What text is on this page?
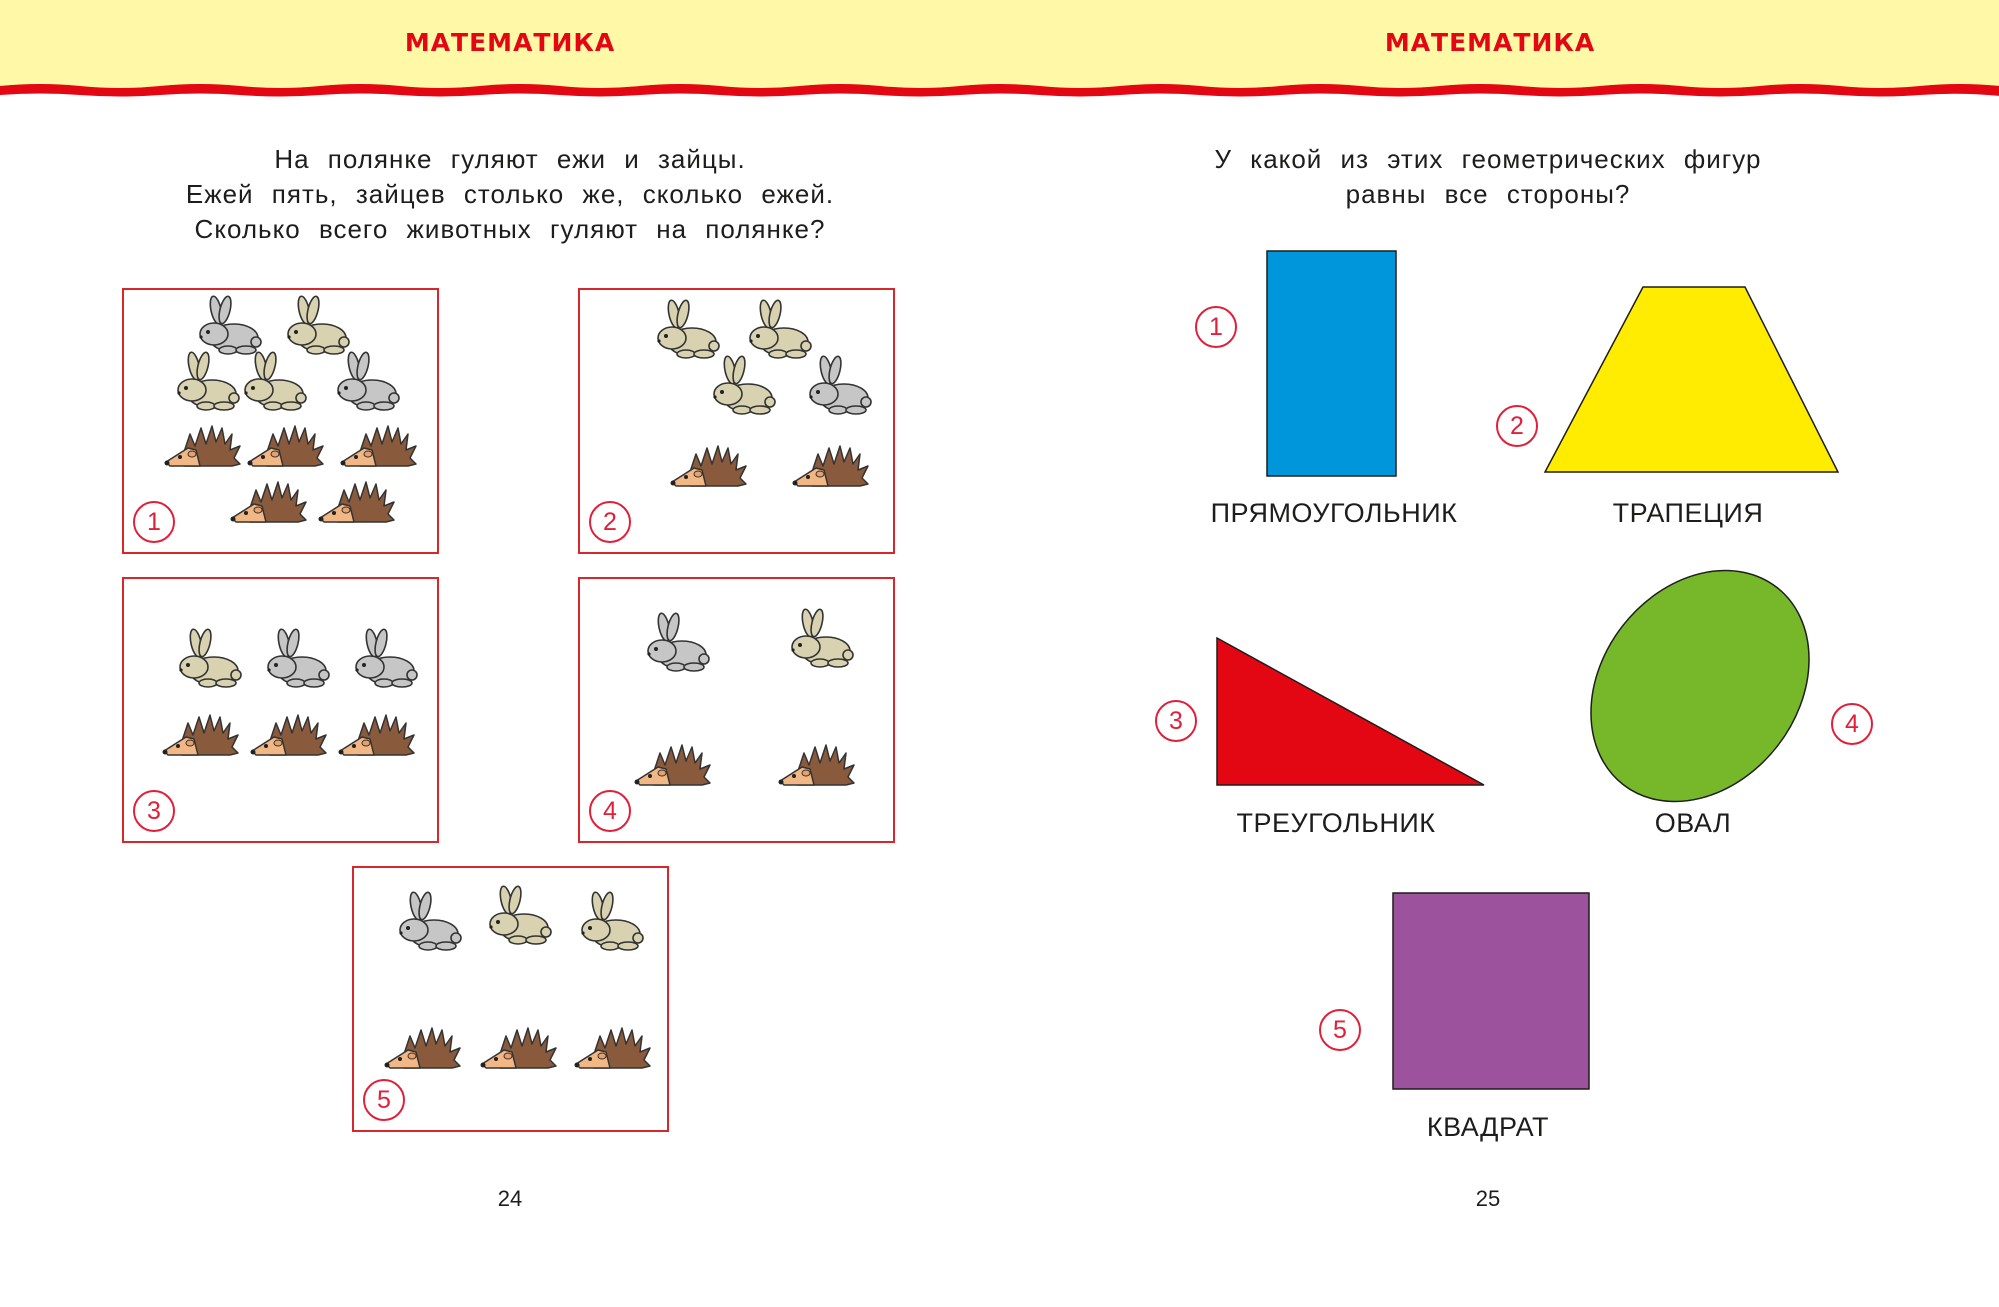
МАТЕМАТИКА	МАТЕМАТИКА
На полянке гуляют ежи и зайцы.
Ежей пять, зайцев столько же, сколько ежей.
Сколько всего животных гуляют на полянке?
1	2
3	4
5
24
У какой из этих геометрических фигур
равны все стороны?
1
2
3	4
5
ПРЯМОУГОЛЬНИК	ТРАПЕЦИЯ
ТРЕУГОЛЬНИК	ОВАЛ
КВАДРАТ
25
